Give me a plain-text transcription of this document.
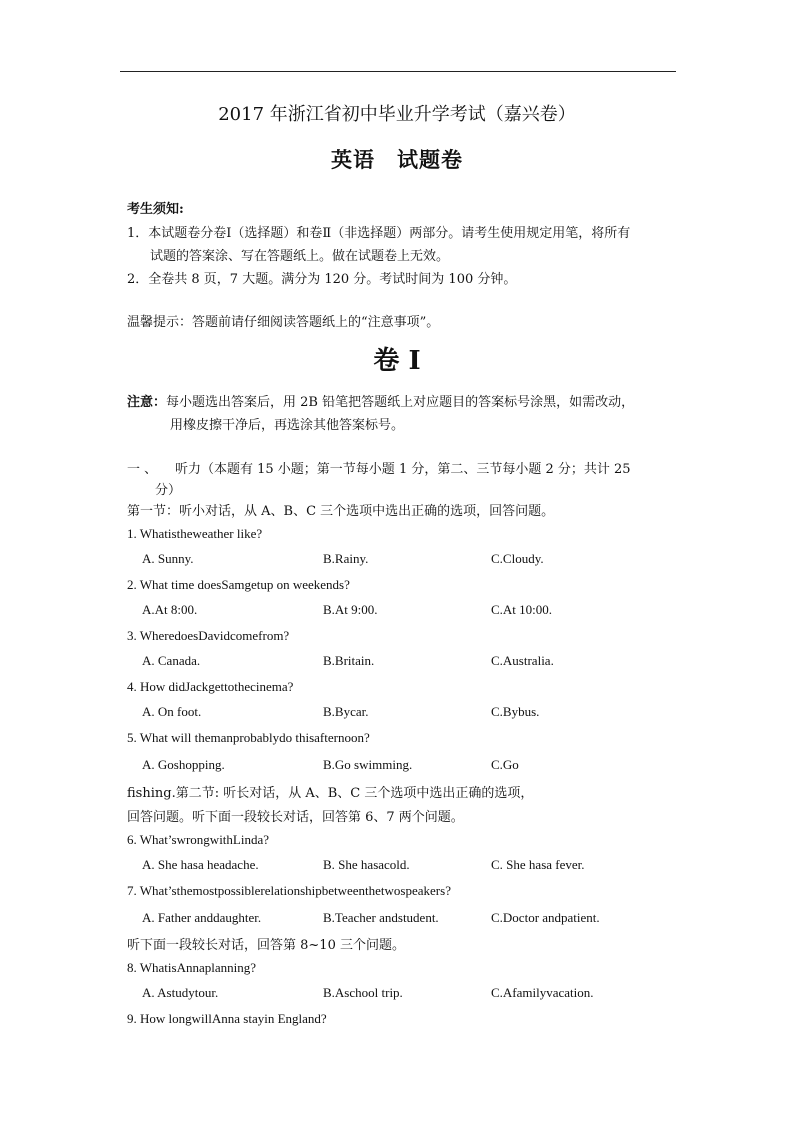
2017 年浙江省初中毕业升学考试（嘉兴卷）
英语 试题卷
考生须知:
1．本试题卷分卷Ⅰ（选择题）和卷Ⅱ（非选择题）两部分。请考生使用规定用笔，将所有
试题的答案涂、写在答题纸上。做在试题卷上无效。
2．全卷共 8 页，7 大题。满分为 120 分。考试时间为 100 分钟。
温馨提示：答题前请仔细阅读答题纸上的“注意事项”。
卷 I
注意：每小题选出答案后，用 2B 铅笔把答题纸上对应题目的答案标号涂黑，如需改动，
用橡皮擦干净后，再选涂其他答案标号。
一 、 听力（本题有 15 小题；第一节每小题 1 分，第二、三节每小题 2 分；共计 25
分）
第一节：听小对话，从 A、B、C 三个选项中选出正确的选项，回答问题。
1. Whatistheweather like?
A. Sunny.	B.Rainy.	C.Cloudy.
2. What time doesSamgetup on weekends?
A.At 8:00.	B.At 9:00.	C.At 10:00.
3. WheredoesDavidcomefrom?
A. Canada.	B.Britain.	C.Australia.
4. How didJackgettothecinema?
A. On foot.	B.Bycar.	C.Bybus.
5. What will themanprobablydo thisafternoon?
A. Goshopping.	B.Go swimming.	C.Go
fishing.第二节: 听长对话，从 A、B、C 三个选项中选出正确的选项，
回答问题。听下面一段较长对话，回答第 6、7 两个问题。
6. What’swrongwithLinda?
A. She hasa headache.	B. She hasacold.	C. She hasa fever.
7. What’sthemostpossiblerelationshipbetweenthetwospeakers?
A. Father anddaughter.	B.Teacher andstudent.	C.Doctor andpatient.
听下面一段较长对话，回答第 8~10 三个问题。
8. WhatisAnnaplanning?
A. Astudytour.	B.Aschool trip.	C.Afamilyvacation.
9. How longwillAnna stayin England?
